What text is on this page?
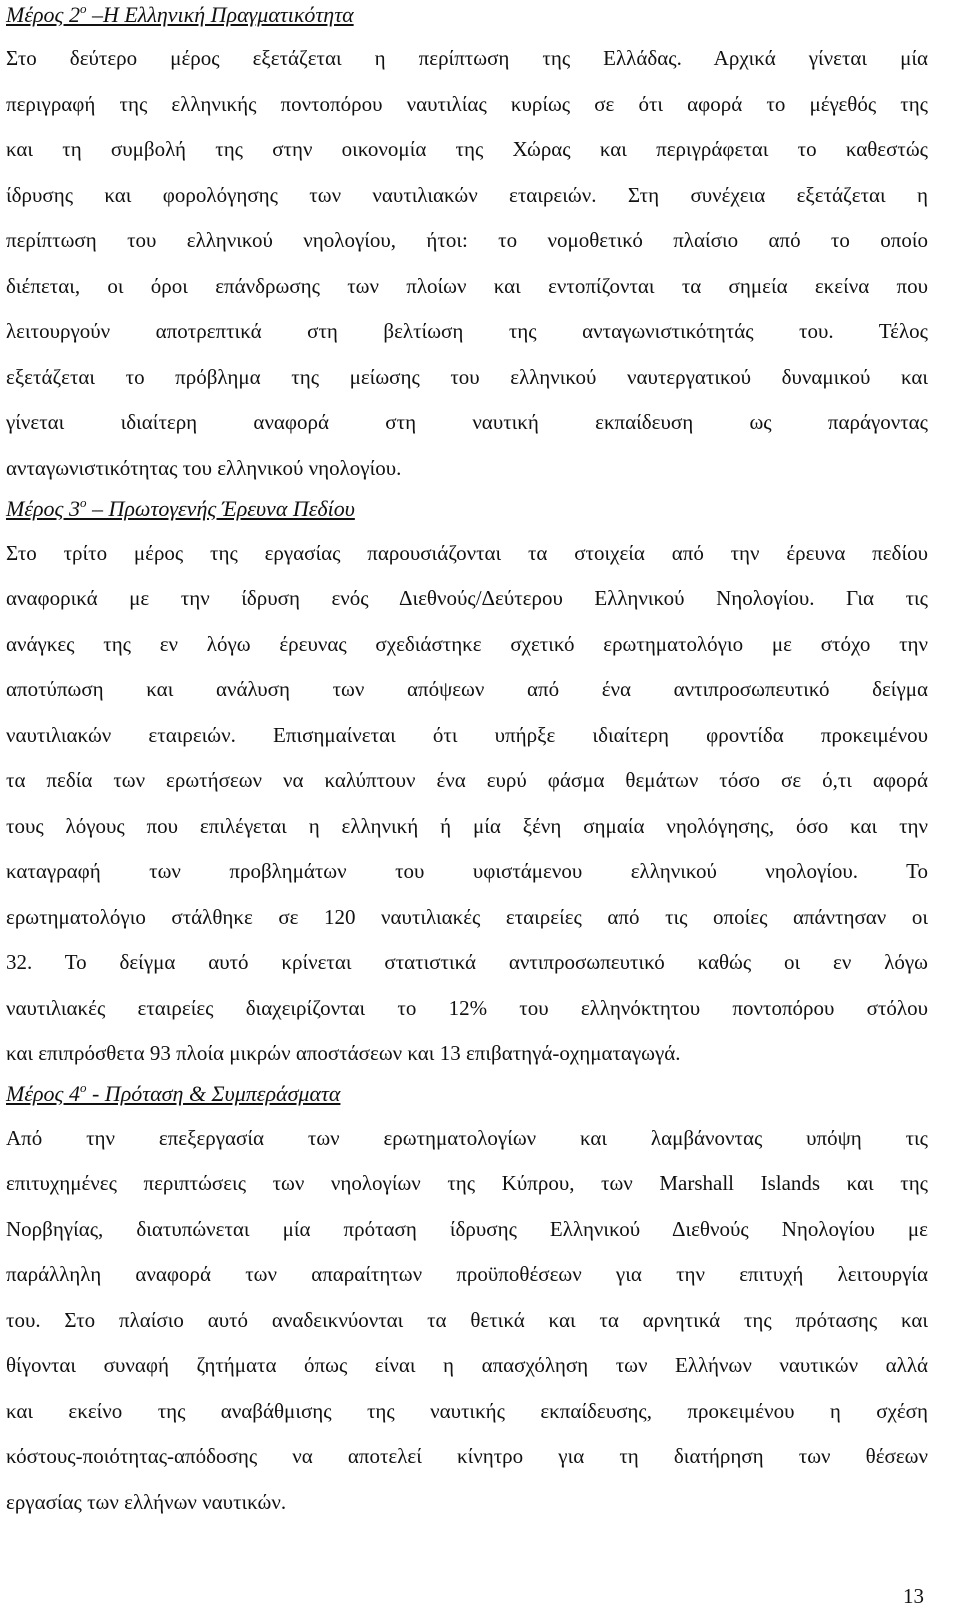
Μέρος $2^o$ –Η Ελληνική Πραγματικότητα
Στο δεύτερο μέρος εξετάζεται η περίπτωση της Ελλάδας. Αρχικά γίνεται μία
περιγραφή της ελληνικής ποντοπόρου ναυτιλίας κυρίως σε ότι αφορά το μέγεθός της
και τη συμβολή της στην οικονομία της Χώρας και περιγράφεται το καθεστώς
ίδρυσης και φορολόγησης των ναυτιλιακών εταιρειών. Στη συνέχεια εξετάζεται η
περίπτωση του ελληνικού νηολογίου, ήτοι: το νομοθετικό πλαίσιο από το οποίο
διέπεται, οι όροι επάνδρωσης των πλοίων και εντοπίζονται τα σημεία εκείνα που
λειτουργούν αποτρεπτικά στη βελτίωση της ανταγωνιστικότητάς του. Τέλος
εξετάζεται το πρόβλημα της μείωσης του ελληνικού ναυτεργατικού δυναμικού και
γίνεται ιδιαίτερη αναφορά στη ναυτική εκπαίδευση ως παράγοντας
ανταγωνιστικότητας του ελληνικού νηολογίου.
Μέρος $3^o$ – Πρωτογενής Έρευνα Πεδίου
Στο τρίτο μέρος της εργασίας παρουσιάζονται τα στοιχεία από την έρευνα πεδίου
αναφορικά με την ίδρυση ενός Διεθνούς/Δεύτερου Ελληνικού Νηολογίου. Για τις
ανάγκες της εν λόγω έρευνας σχεδιάστηκε σχετικό ερωτηματολόγιο με στόχο την
αποτύπωση και ανάλυση των απόψεων από ένα αντιπροσωπευτικό δείγμα
ναυτιλιακών εταιρειών. Επισημαίνεται ότι υπήρξε ιδιαίτερη φροντίδα προκειμένου
τα πεδία των ερωτήσεων να καλύπτουν ένα ευρύ φάσμα θεμάτων τόσο σε ό,τι αφορά
τους λόγους που επιλέγεται η ελληνική ή μία ξένη σημαία νηολόγησης, όσο και την
καταγραφή των προβλημάτων του υφιστάμενου ελληνικού νηολογίου. Το
ερωτηματολόγιο στάλθηκε σε 120 ναυτιλιακές εταιρείες από τις οποίες απάντησαν οι
32. Το δείγμα αυτό κρίνεται στατιστικά αντιπροσωπευτικό καθώς οι εν λόγω
ναυτιλιακές εταιρείες διαχειρίζονται το 12% του ελληνόκτητου ποντοπόρου στόλου
και επιπρόσθετα 93 πλοία μικρών αποστάσεων και 13 επιβατηγά-οχηματαγωγά.
Μέρος $4^o$ - Πρόταση & Συμπεράσματα
Από την επεξεργασία των ερωτηματολογίων και λαμβάνοντας υπόψη τις
επιτυχημένες περιπτώσεις των νηολογίων της Κύπρου, των Marshall Islands και της
Νορβηγίας, διατυπώνεται μία πρόταση ίδρυσης Ελληνικού Διεθνούς Νηολογίου με
παράλληλη αναφορά των απαραίτητων προϋποθέσεων για την επιτυχή λειτουργία
του. Στο πλαίσιο αυτό αναδεικνύονται τα θετικά και τα αρνητικά της πρότασης και
θίγονται συναφή ζητήματα όπως είναι η απασχόληση των Ελλήνων ναυτικών αλλά
και εκείνο της αναβάθμισης της ναυτικής εκπαίδευσης, προκειμένου η σχέση
κόστους-ποιότητας-απόδοσης να αποτελεί κίνητρο για τη διατήρηση των θέσεων
εργασίας των ελλήνων ναυτικών.
13
